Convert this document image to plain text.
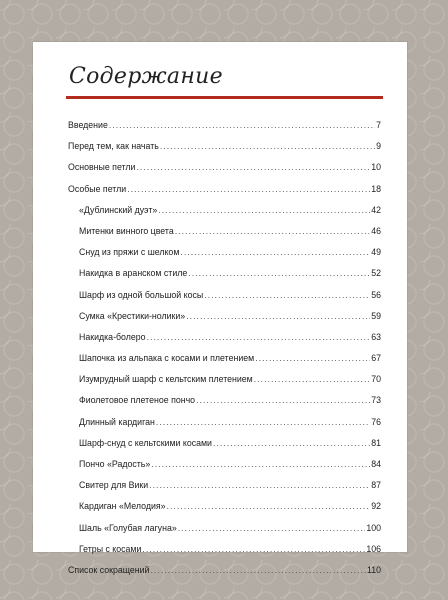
Содержание
Введение .....	7
Перед тем, как начать .....	9
Основные петли .....	10
Особые петли .....	18
«Дублинский дуэт» .....	42
Митенки винного цвета .....	46
Снуд из пряжи с шелком .....	49
Накидка в аранском стиле .....	52
Шарф из одной большой косы .....	56
Сумка «Крестики-нолики» .....	59
Накидка-болеро .....	63
Шапочка из альпака с косами и плетением .....	67
Изумрудный шарф с кельтским плетением .....	70
Фиолетовое плетеное пончо .....	73
Длинный кардиган .....	76
Шарф-снуд с кельтскими косами .....	81
Пончо «Радость» .....	84
Свитер для Вики .....	87
Кардиган «Мелодия» .....	92
Шаль «Голубая лагуна» .....	100
Гетры с косами .....	106
Список сокращений .....	110
